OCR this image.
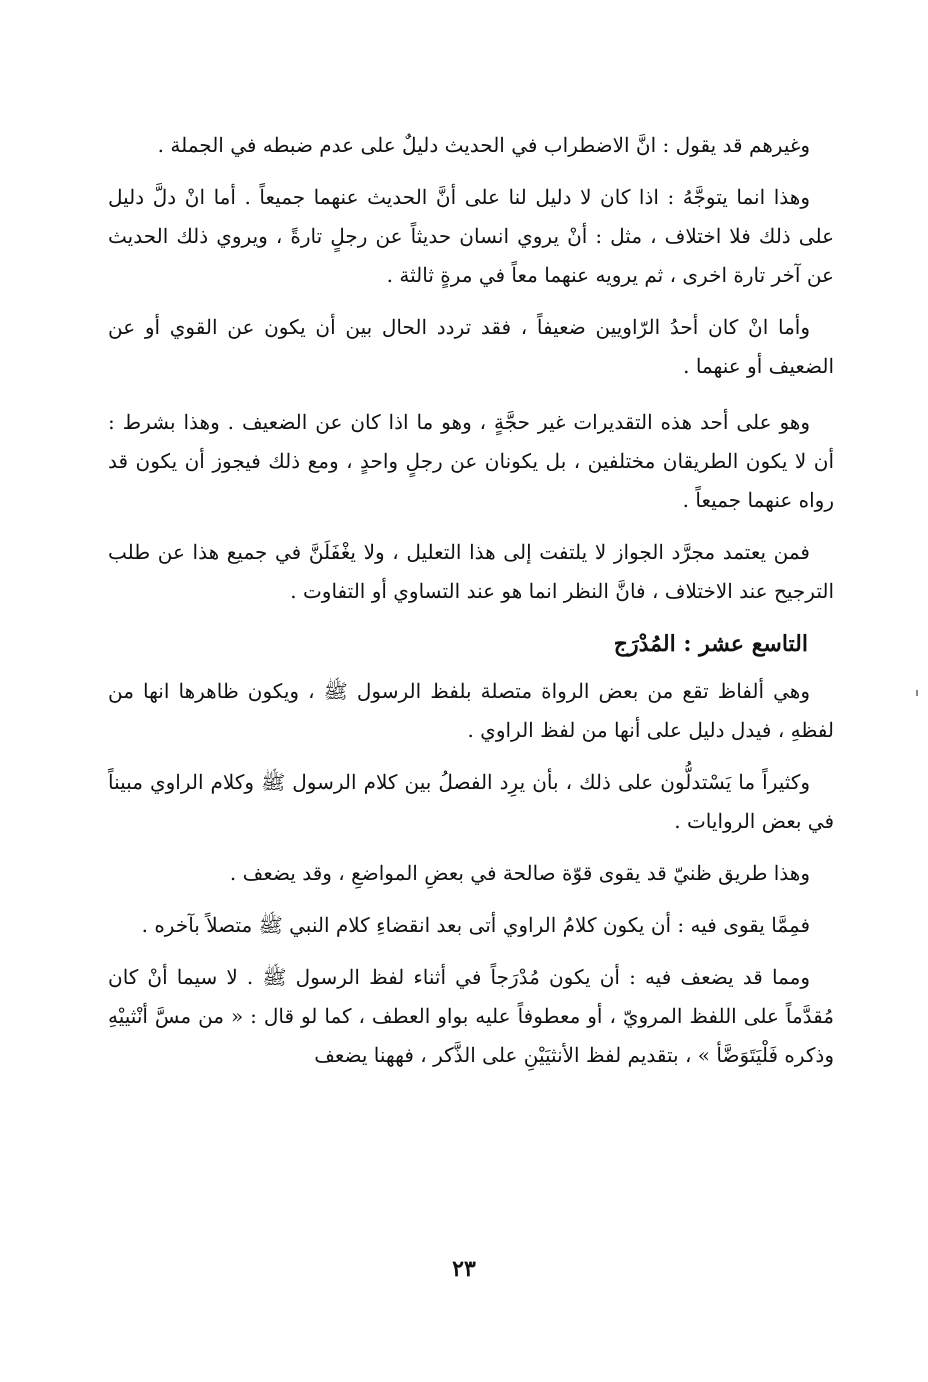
وغيرهم قد يقول : انَّ الاضطراب في الحديث دليلٌ على عدم ضبطه في الجملة .

وهذا انما يتوجَّهُ : اذا كان لا دليل لنا على أنَّ الحديث عنهما جميعاً . أما انْ دلَّ دليل على ذلك فلا اختلاف ، مثل : أنْ يروي انسان حديثاً عن رجلٍ تارةً ، ويروي ذلك الحديث عن آخر تارة اخرى ، ثم يرويه عنهما معاً في مرةٍ ثالثة .

وأما انْ كان أحدُ الرّاويين ضعيفاً ، فقد تردد الحال بين أن يكون عن القوي أو عن الضعيف أو عنهما .

وهو على أحد هذه التقديرات غير حجَّةٍ ، وهو ما اذا كان عن الضعيف . وهذا بشرط : أن لا يكون الطريقان مختلفين ، بل يكونان عن رجلٍ واحدٍ ، ومع ذلك فيجوز أن يكون قد رواه عنهما جميعاً .

فمن يعتمد مجرَّد الجواز لا يلتفت إلى هذا التعليل ، ولا يغْفَلَنَّ في جميع هذا عن طلب الترجيح عند الاختلاف ، فانَّ النظر انما هو عند التساوي أو التفاوت .

التاسع عشر : المُدْرَج

وهي ألفاظ تقع من بعض الرواة متصلة بلفظ الرسول ﷺ ، ويكون ظاهرها انها من لفظهِ ، فيدل دليل على أنها من لفظ الراوي .

وكثيراً ما يَسْتدلُّون على ذلك ، بأن يرِد الفصلُ بين كلام الرسول ﷺ وكلام الراوي مبيناً في بعض الروايات .

وهذا طريق ظنيّ قد يقوى قوّة صالحة في بعضِ المواضعِ ، وقد يضعف .

فمِمَّا يقوى فيه : أن يكون كلامُ الراوي أتى بعد انقضاءِ كلام النبي ﷺ متصلاً بآخره .

ومما قد يضعف فيه : أن يكون مُدْرَجاً في أثناء لفظ الرسول ﷺ . لا سيما أنْ كان مُقدَّماً على اللفظ المرويّ ، أو معطوفاً عليه بواو العطف ، كما لو قال : « من مسَّ أنْثييْهِ وذكره فَلْيَتَوَضَّأ » ، بتقديم لفظ الأنثيَيْنِ على الذَّكر ، فههنا يضعف

٢٣
